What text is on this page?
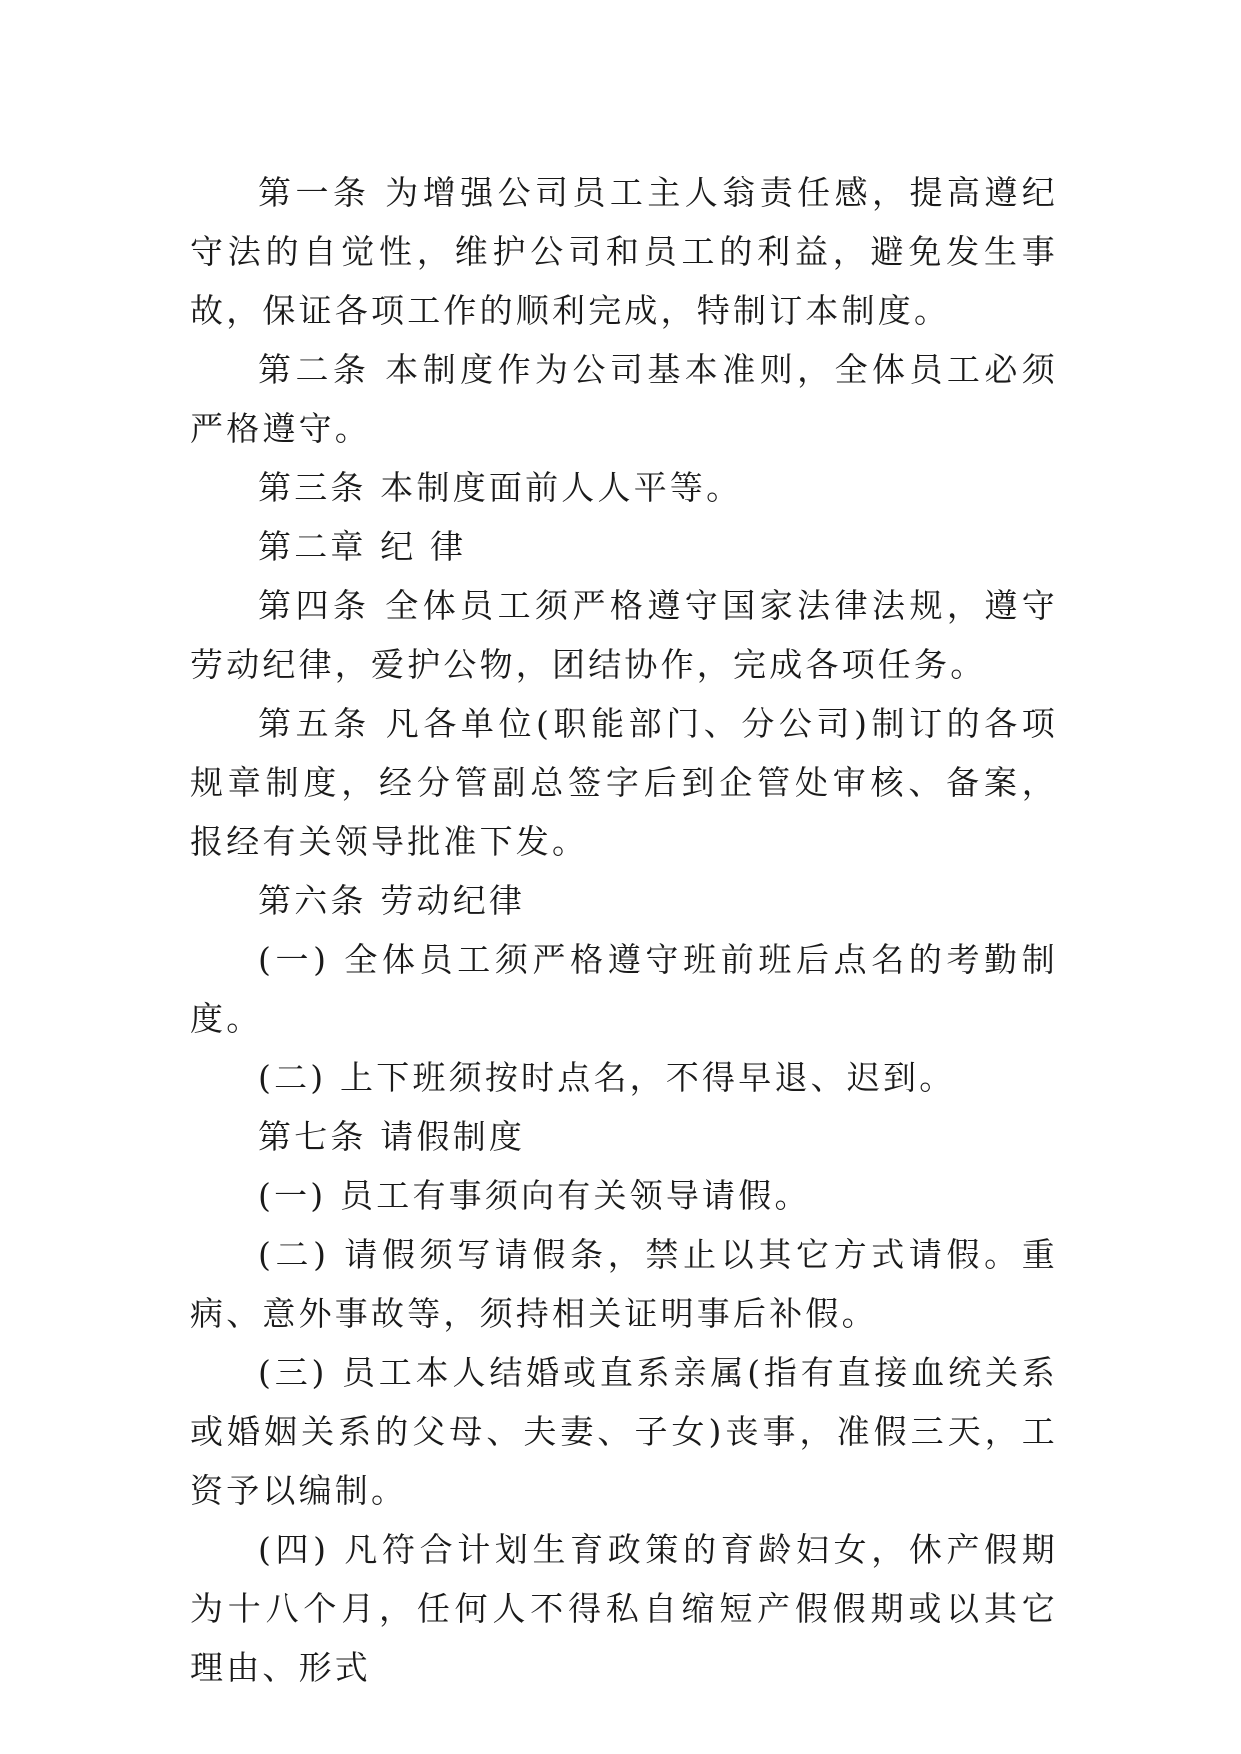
第一条 为增强公司员工主人翁责任感，提高遵纪守法的自觉性，维护公司和员工的利益，避免发生事故，保证各项工作的顺利完成，特制订本制度。

第二条 本制度作为公司基本准则，全体员工必须严格遵守。

第三条 本制度面前人人平等。

第二章 纪 律

第四条 全体员工须严格遵守国家法律法规，遵守劳动纪律，爱护公物，团结协作，完成各项任务。

第五条 凡各单位(职能部门、分公司)制订的各项规章制度，经分管副总签字后到企管处审核、备案，报经有关领导批准下发。

第六条 劳动纪律

(一) 全体员工须严格遵守班前班后点名的考勤制度。

(二) 上下班须按时点名，不得早退、迟到。

第七条 请假制度

(一) 员工有事须向有关领导请假。

(二) 请假须写请假条，禁止以其它方式请假。重病、意外事故等，须持相关证明事后补假。

(三) 员工本人结婚或直系亲属(指有直接血统关系或婚姻关系的父母、夫妻、子女)丧事，准假三天，工资予以编制。

(四) 凡符合计划生育政策的育龄妇女，休产假期为十八个月，任何人不得私自缩短产假假期或以其它理由、形式
